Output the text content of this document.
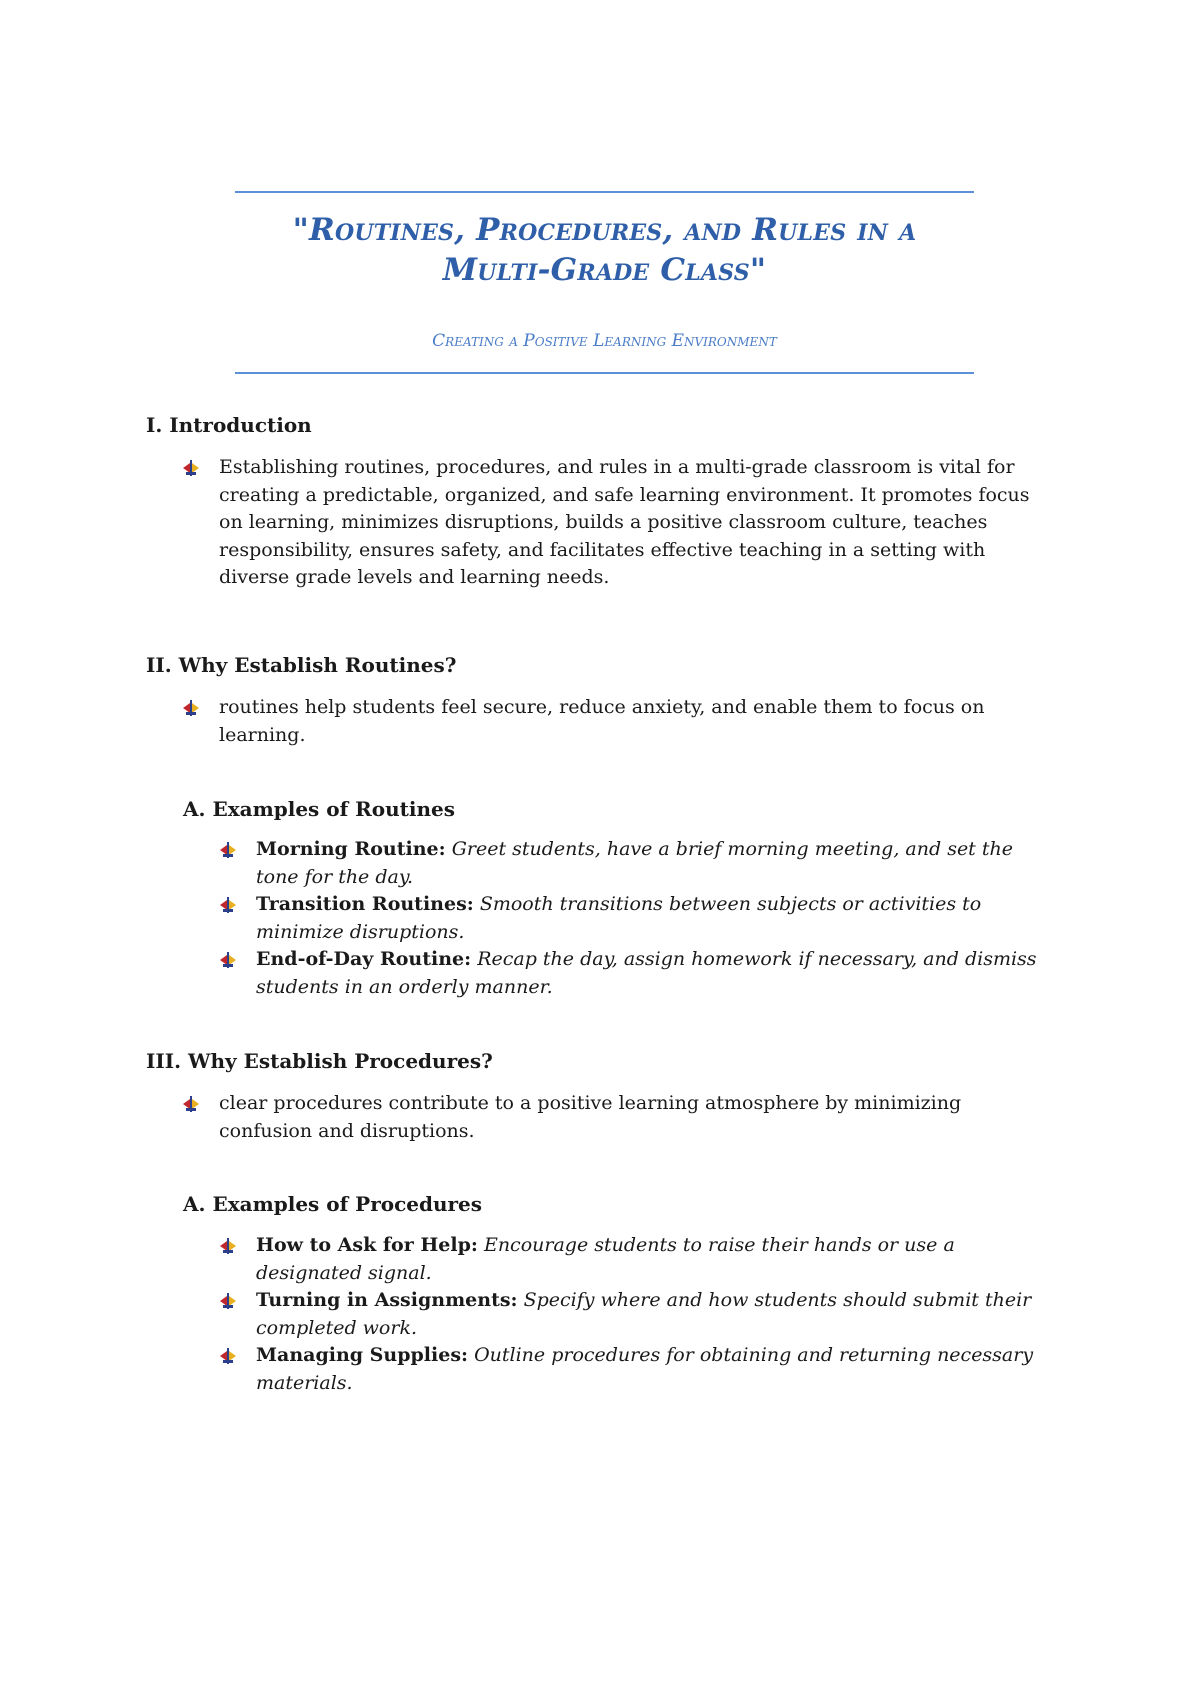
"Routines, Procedures, and Rules in a Multi-Grade Class"
Creating a Positive Learning Environment
I. Introduction
Establishing routines, procedures, and rules in a multi-grade classroom is vital for creating a predictable, organized, and safe learning environment. It promotes focus on learning, minimizes disruptions, builds a positive classroom culture, teaches responsibility, ensures safety, and facilitates effective teaching in a setting with diverse grade levels and learning needs.
II. Why Establish Routines?
routines help students feel secure, reduce anxiety, and enable them to focus on learning.
A. Examples of Routines
Morning Routine: Greet students, have a brief morning meeting, and set the tone for the day.
Transition Routines: Smooth transitions between subjects or activities to minimize disruptions.
End-of-Day Routine: Recap the day, assign homework if necessary, and dismiss students in an orderly manner.
III. Why Establish Procedures?
clear procedures contribute to a positive learning atmosphere by minimizing confusion and disruptions.
A. Examples of Procedures
How to Ask for Help: Encourage students to raise their hands or use a designated signal.
Turning in Assignments: Specify where and how students should submit their completed work.
Managing Supplies: Outline procedures for obtaining and returning necessary materials.
